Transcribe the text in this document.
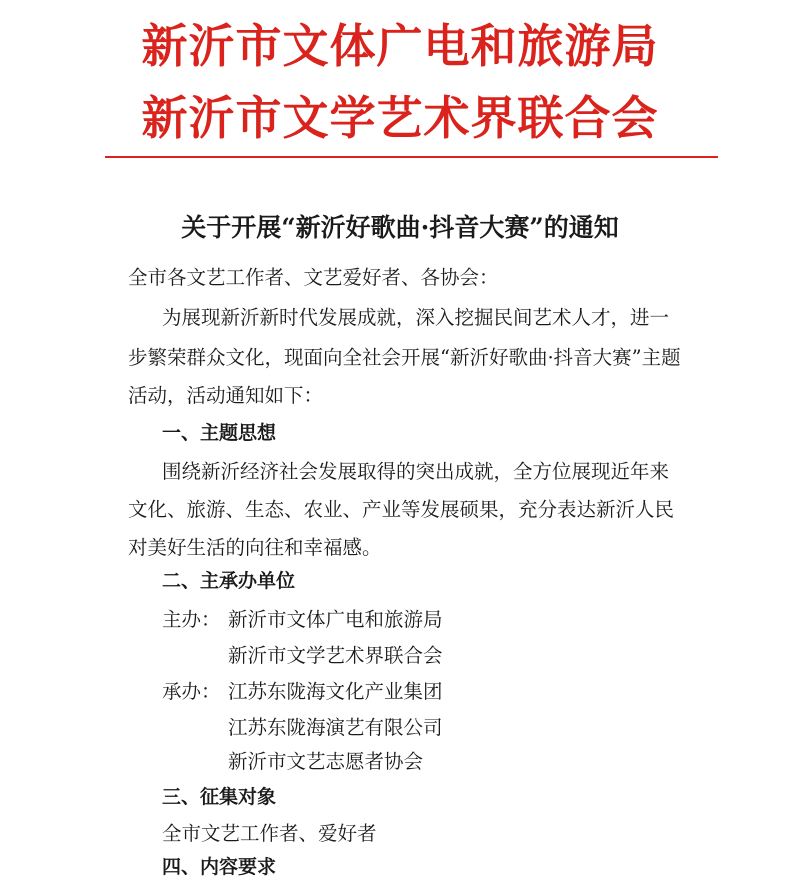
新沂市文体广电和旅游局
新沂市文学艺术界联合会
关于开展“新沂好歌曲·抖音大赛”的通知
全市各文艺工作者、文艺爱好者、各协会：
为展现新沂新时代发展成就，深入挖掘民间艺术人才，进一
步繁荣群众文化，现面向全社会开展“新沂好歌曲·抖音大赛”主题
活动，活动通知如下：
一、主题思想
围绕新沂经济社会发展取得的突出成就，全方位展现近年来
文化、旅游、生态、农业、产业等发展硕果，充分表达新沂人民
对美好生活的向往和幸福感。
二、主承办单位
主办： 新沂市文体广电和旅游局
新沂市文学艺术界联合会
承办： 江苏东陇海文化产业集团
江苏东陇海演艺有限公司
新沂市文艺志愿者协会
三、征集对象
全市文艺工作者、爱好者
四、内容要求
